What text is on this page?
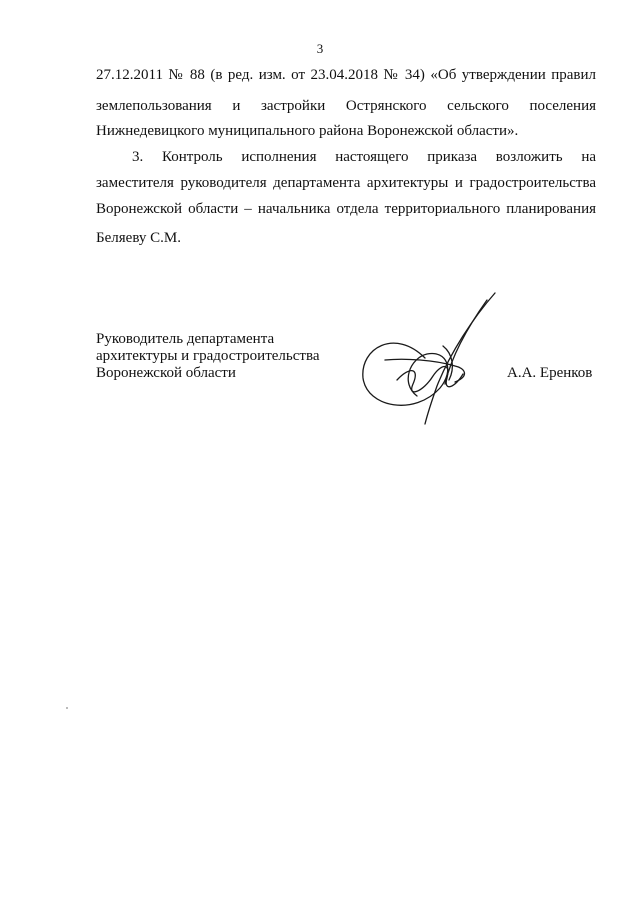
3
27.12.2011 № 88 (в ред. изм. от 23.04.2018 № 34) «Об утверждении правил
землепользования и застройки Острянского сельского поселения
Нижнедевицкого муниципального района Воронежской области».
3. Контроль исполнения настоящего приказа возложить на
заместителя руководителя департамента архитектуры и градостроительства
Воронежской области – начальника отдела территориального планирования
Беляеву С.М.
Руководитель департамента
архитектуры и градостроительства
Воронежской области	А.А. Еренков
